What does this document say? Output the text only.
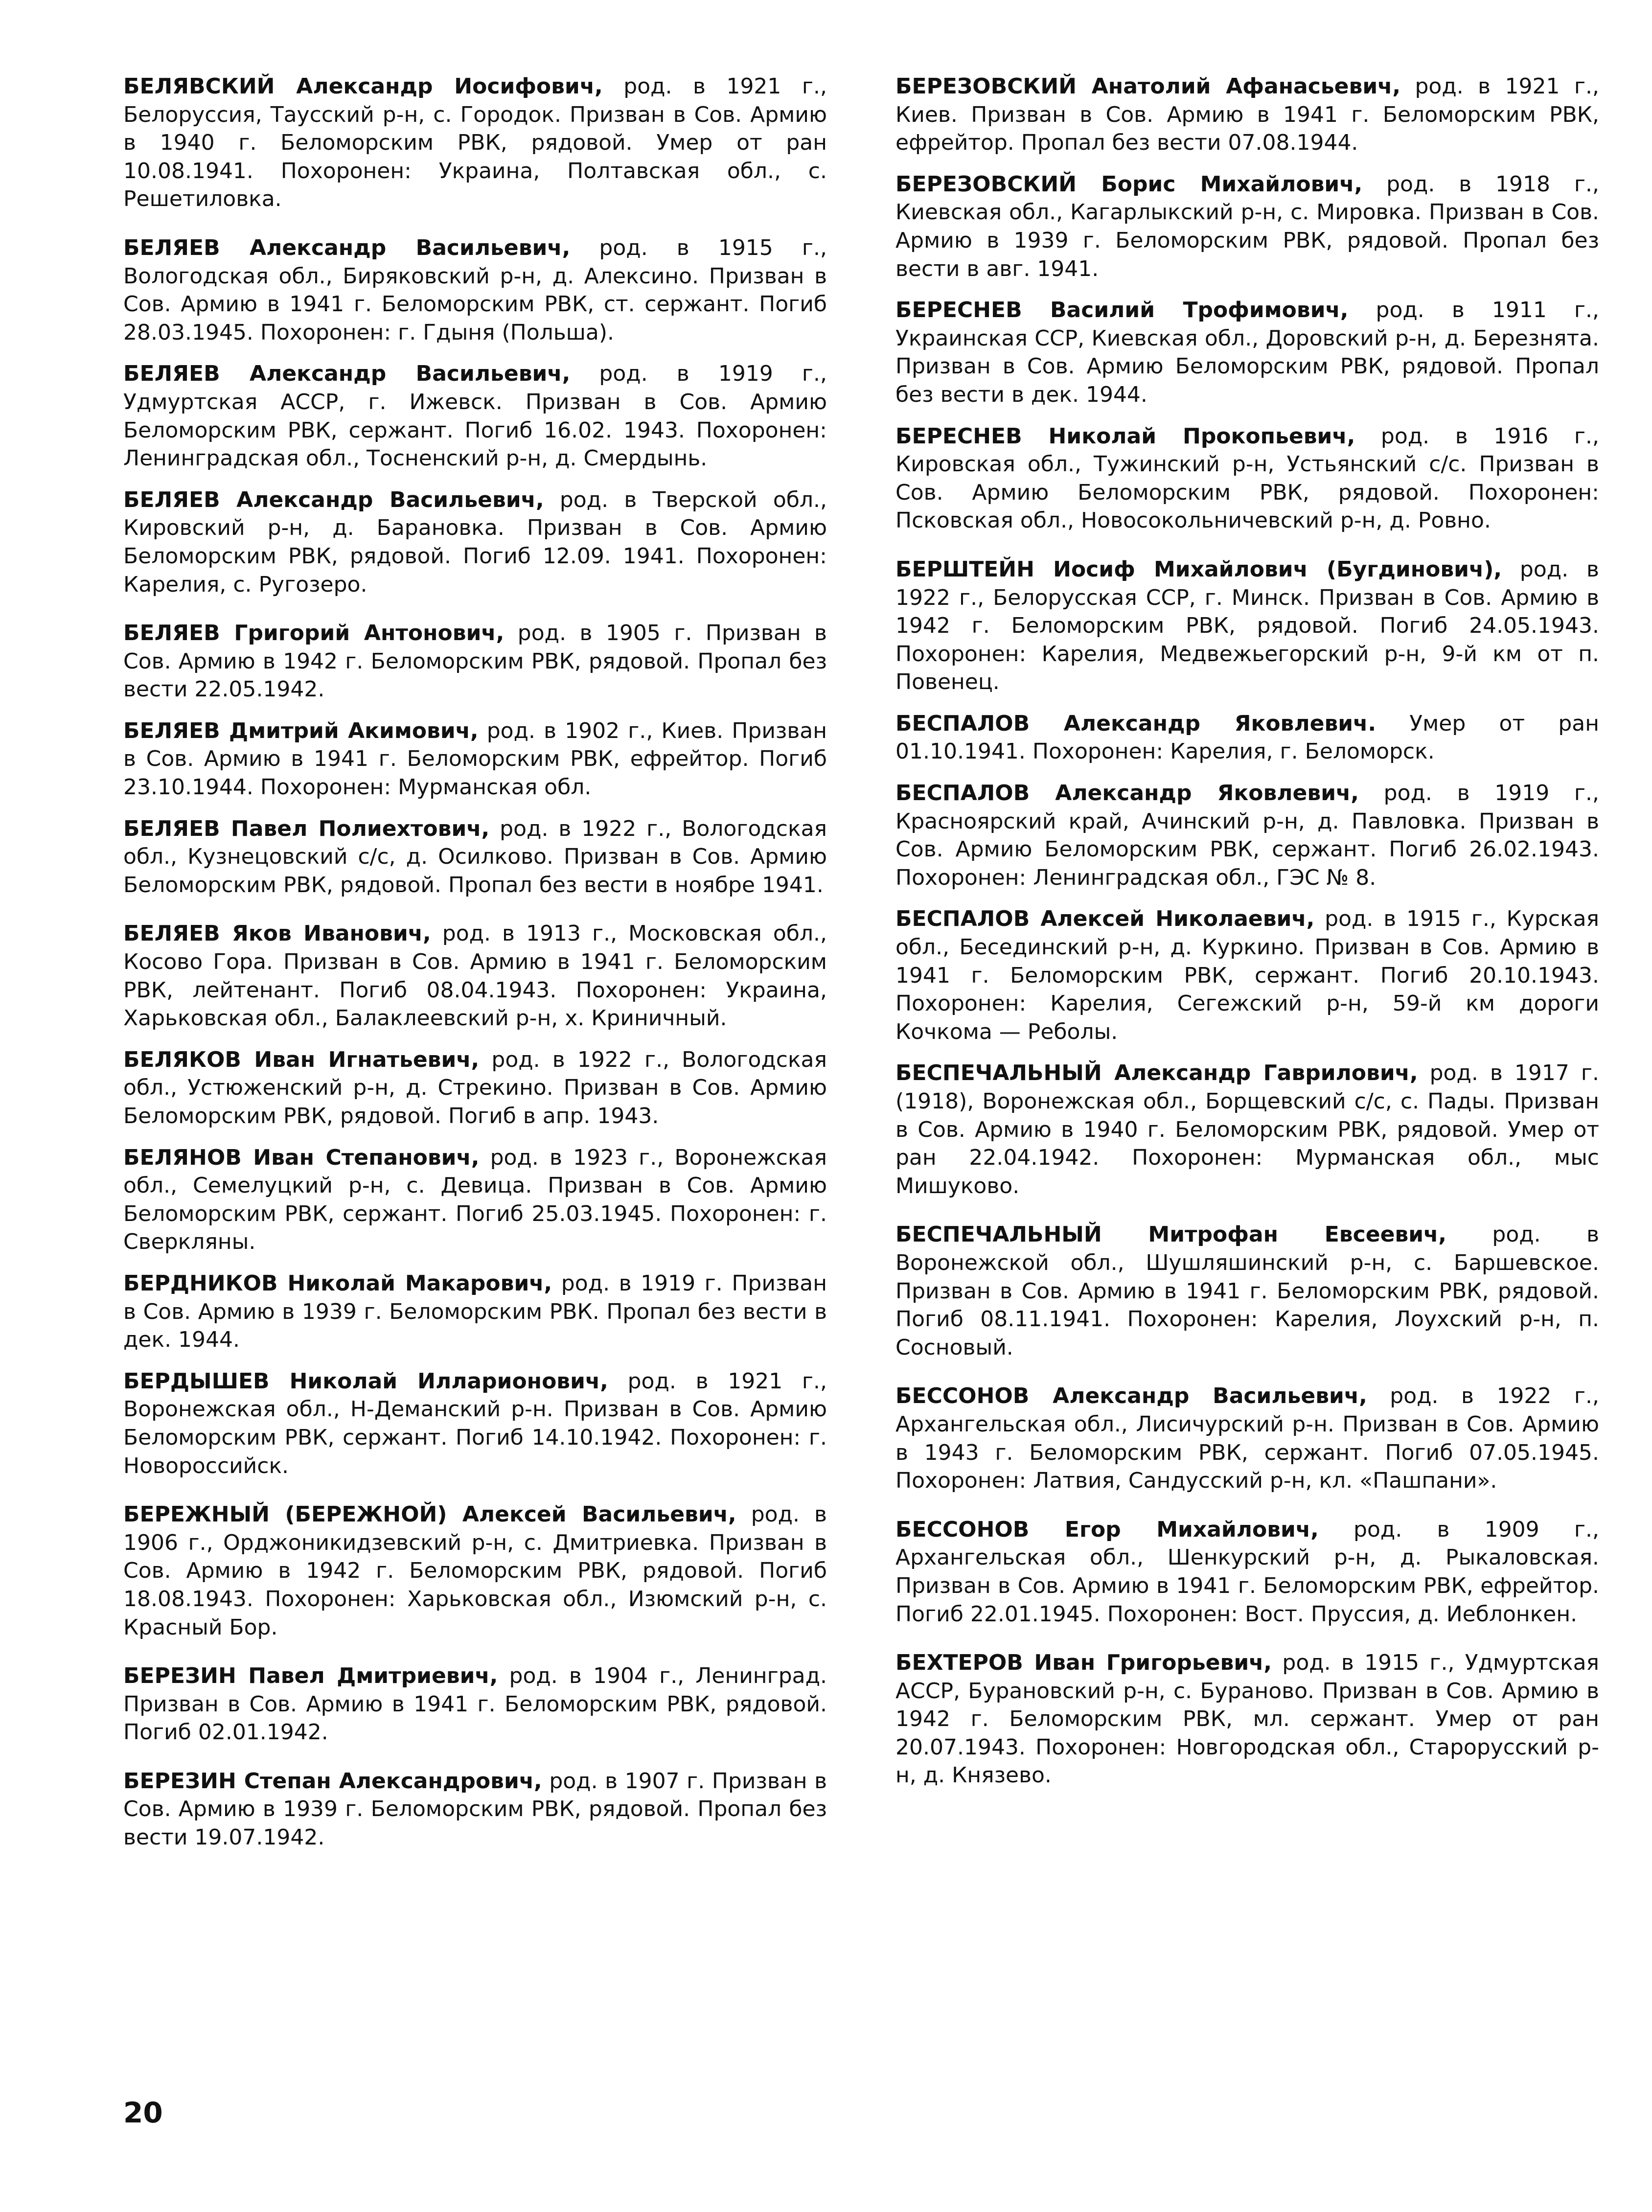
БЕЛЯВСКИЙ Александр Иосифович, род. в 1921 г., Белоруссия, Таусский р-н, с. Городок. Призван в Сов. Армию в 1940 г. Беломорским РВК, рядовой. Умер от ран 10.08.1941. Похоронен: Украина, Полтавская обл., с. Решетиловка.

БЕЛЯЕВ Александр Васильевич, род. в 1915 г., Вологодская обл., Биряковский р-н, д. Алексино. Призван в Сов. Армию в 1941 г. Беломорским РВК, ст. сержант. Погиб 28.03.1945. Похоронен: г. Гдыня (Польша).

БЕЛЯЕВ Александр Васильевич, род. в 1919 г., Удмуртская АССР, г. Ижевск. Призван в Сов. Армию Беломорским РВК, сержант. Погиб 16.02. 1943. Похоронен: Ленинградская обл., Тосненский р-н, д. Смердынь.

БЕЛЯЕВ Александр Васильевич, род. в Тверской обл., Кировский р-н, д. Барановка. Призван в Сов. Армию Беломорским РВК, рядовой. Погиб 12.09. 1941. Похоронен: Карелия, с. Ругозеро.

БЕЛЯЕВ Григорий Антонович, род. в 1905 г. Призван в Сов. Армию в 1942 г. Беломорским РВК, рядовой. Пропал без вести 22.05.1942.

БЕЛЯЕВ Дмитрий Акимович, род. в 1902 г., Киев. Призван в Сов. Армию в 1941 г. Беломорским РВК, ефрейтор. Погиб 23.10.1944. Похоронен: Мурманская обл.

БЕЛЯЕВ Павел Полиехтович, род. в 1922 г., Вологодская обл., Кузнецовский с/с, д. Осилково. Призван в Сов. Армию Беломорским РВК, рядовой. Пропал без вести в ноябре 1941.

БЕЛЯЕВ Яков Иванович, род. в 1913 г., Московская обл., Косово Гора. Призван в Сов. Армию в 1941 г. Беломорским РВК, лейтенант. Погиб 08.04.1943. Похоронен: Украина, Харьковская обл., Балаклеевский р-н, х. Криничный.

БЕЛЯКОВ Иван Игнатьевич, род. в 1922 г., Вологодская обл., Устюженский р-н, д. Стрекино. Призван в Сов. Армию Беломорским РВК, рядовой. Погиб в апр. 1943.

БЕЛЯНОВ Иван Степанович, род. в 1923 г., Воронежская обл., Семелуцкий р-н, с. Девица. Призван в Сов. Армию Беломорским РВК, сержант. Погиб 25.03.1945. Похоронен: г. Сверкляны.

БЕРДНИКОВ Николай Макарович, род. в 1919 г. Призван в Сов. Армию в 1939 г. Беломорским РВК. Пропал без вести в дек. 1944.

БЕРДЫШЕВ Николай Илларионович, род. в 1921 г., Воронежская обл., Н-Деманский р-н. Призван в Сов. Армию Беломорским РВК, сержант. Погиб 14.10.1942. Похоронен: г. Новороссийск.

БЕРЕЖНЫЙ (БЕРЕЖНОЙ) Алексей Васильевич, род. в 1906 г., Орджоникидзевский р-н, с. Дмитриевка. Призван в Сов. Армию в 1942 г. Беломорским РВК, рядовой. Погиб 18.08.1943. Похоронен: Харьковская обл., Изюмский р-н, с. Красный Бор.

БЕРЕЗИН Павел Дмитриевич, род. в 1904 г., Ленинград. Призван в Сов. Армию в 1941 г. Беломорским РВК, рядовой. Погиб 02.01.1942.

БЕРЕЗИН Степан Александрович, род. в 1907 г. Призван в Сов. Армию в 1939 г. Беломорским РВК, рядовой. Пропал без вести 19.07.1942.

БЕРЕЗОВСКИЙ Анатолий Афанасьевич, род. в 1921 г., Киев. Призван в Сов. Армию в 1941 г. Беломорским РВК, ефрейтор. Пропал без вести 07.08.1944.

БЕРЕЗОВСКИЙ Борис Михайлович, род. в 1918 г., Киевская обл., Кагарлыкский р-н, с. Мировка. Призван в Сов. Армию в 1939 г. Беломорским РВК, рядовой. Пропал без вести в авг. 1941.

БЕРЕСНЕВ Василий Трофимович, род. в 1911 г., Украинская ССР, Киевская обл., Доровский р-н, д. Березнята. Призван в Сов. Армию Беломорским РВК, рядовой. Пропал без вести в дек. 1944.

БЕРЕСНЕВ Николай Прокопьевич, род. в 1916 г., Кировская обл., Тужинский р-н, Устьянский с/с. Призван в Сов. Армию Беломорским РВК, рядовой. Похоронен: Псковская обл., Новосокольничевский р-н, д. Ровно.

БЕРШТЕЙН Иосиф Михайлович (Бугдинович), род. в 1922 г., Белорусская ССР, г. Минск. Призван в Сов. Армию в 1942 г. Беломорским РВК, рядовой. Погиб 24.05.1943. Похоронен: Карелия, Медвежьегорский р-н, 9-й км от п. Повенец.

БЕСПАЛОВ Александр Яковлевич. Умер от ран 01.10.1941. Похоронен: Карелия, г. Беломорск.

БЕСПАЛОВ Александр Яковлевич, род. в 1919 г., Красноярский край, Ачинский р-н, д. Павловка. Призван в Сов. Армию Беломорским РВК, сержант. Погиб 26.02.1943. Похоронен: Ленинградская обл., ГЭС № 8.

БЕСПАЛОВ Алексей Николаевич, род. в 1915 г., Курская обл., Бесединский р-н, д. Куркино. Призван в Сов. Армию в 1941 г. Беломорским РВК, сержант. Погиб 20.10.1943. Похоронен: Карелия, Сегежский р-н, 59-й км дороги Кочкома — Реболы.

БЕСПЕЧАЛЬНЫЙ Александр Гаврилович, род. в 1917 г. (1918), Воронежская обл., Борщевский с/с, с. Пады. Призван в Сов. Армию в 1940 г. Беломорским РВК, рядовой. Умер от ран 22.04.1942. Похоронен: Мурманская обл., мыс Мишуково.

БЕСПЕЧАЛЬНЫЙ Митрофан Евсеевич, род. в Воронежской обл., Шушляшинский р-н, с. Баршевское. Призван в Сов. Армию в 1941 г. Беломорским РВК, рядовой. Погиб 08.11.1941. Похоронен: Карелия, Лоухский р-н, п. Сосновый.

БЕССОНОВ Александр Васильевич, род. в 1922 г., Архангельская обл., Лисичурский р-н. Призван в Сов. Армию в 1943 г. Беломорским РВК, сержант. Погиб 07.05.1945. Похоронен: Латвия, Сандусский р-н, кл. «Пашпани».

БЕССОНОВ Егор Михайлович, род. в 1909 г., Архангельская обл., Шенкурский р-н, д. Рыкаловская. Призван в Сов. Армию в 1941 г. Беломорским РВК, ефрейтор. Погиб 22.01.1945. Похоронен: Вост. Пруссия, д. Иеблонкен.

БЕХТЕРОВ Иван Григорьевич, род. в 1915 г., Удмуртская АССР, Бурановский р-н, с. Бураново. Призван в Сов. Армию в 1942 г. Беломорским РВК, мл. сержант. Умер от ран 20.07.1943. Похоронен: Новгородская обл., Старорусский р-н, д. Князево.

20
